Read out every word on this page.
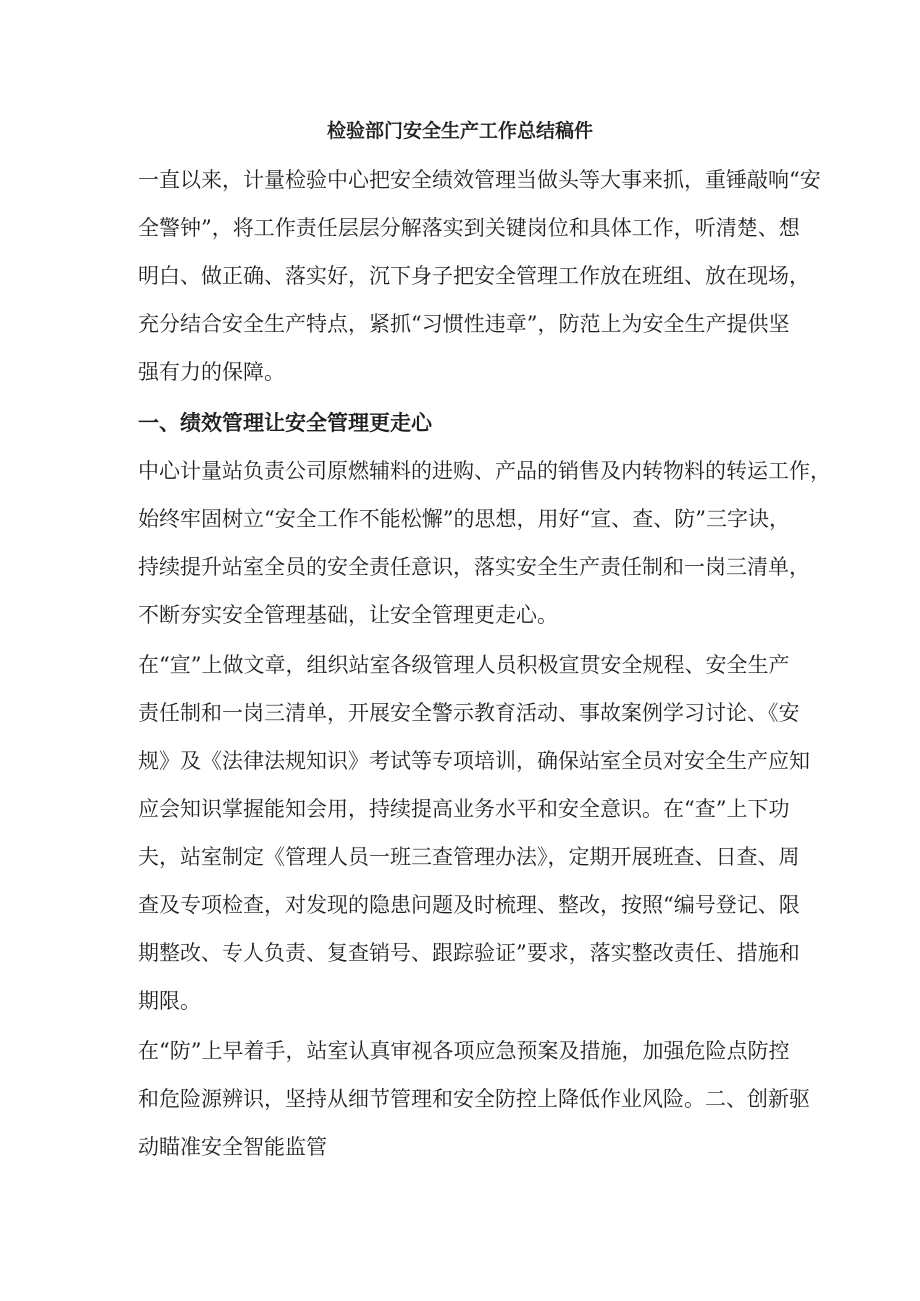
检验部门安全生产工作总结稿件
一直以来，计量检验中心把安全绩效管理当做头等大事来抓，重锤敲响“安
全警钟”，将工作责任层层分解落实到关键岗位和具体工作，听清楚、想
明白、做正确、落实好，沉下身子把安全管理工作放在班组、放在现场，
充分结合安全生产特点，紧抓“习惯性违章”，防范上为安全生产提供坚
强有力的保障。
一、绩效管理让安全管理更走心
中心计量站负责公司原燃辅料的进购、产品的销售及内转物料的转运工作，
始终牢固树立“安全工作不能松懈”的思想，用好“宣、查、防”三字诀，
持续提升站室全员的安全责任意识，落实安全生产责任制和一岗三清单，
不断夯实安全管理基础，让安全管理更走心。
在“宣”上做文章，组织站室各级管理人员积极宣贯安全规程、安全生产
责任制和一岗三清单，开展安全警示教育活动、事故案例学习讨论、《安
规》及《法律法规知识》考试等专项培训，确保站室全员对安全生产应知
应会知识掌握能知会用，持续提高业务水平和安全意识。在“查”上下功
夫，站室制定《管理人员一班三查管理办法》，定期开展班查、日查、周
查及专项检查，对发现的隐患问题及时梳理、整改，按照“编号登记、限
期整改、专人负责、复查销号、跟踪验证”要求，落实整改责任、措施和
期限。
在“防”上早着手，站室认真审视各项应急预案及措施，加强危险点防控
和危险源辨识，坚持从细节管理和安全防控上降低作业风险。二、创新驱
动瞄准安全智能监管
